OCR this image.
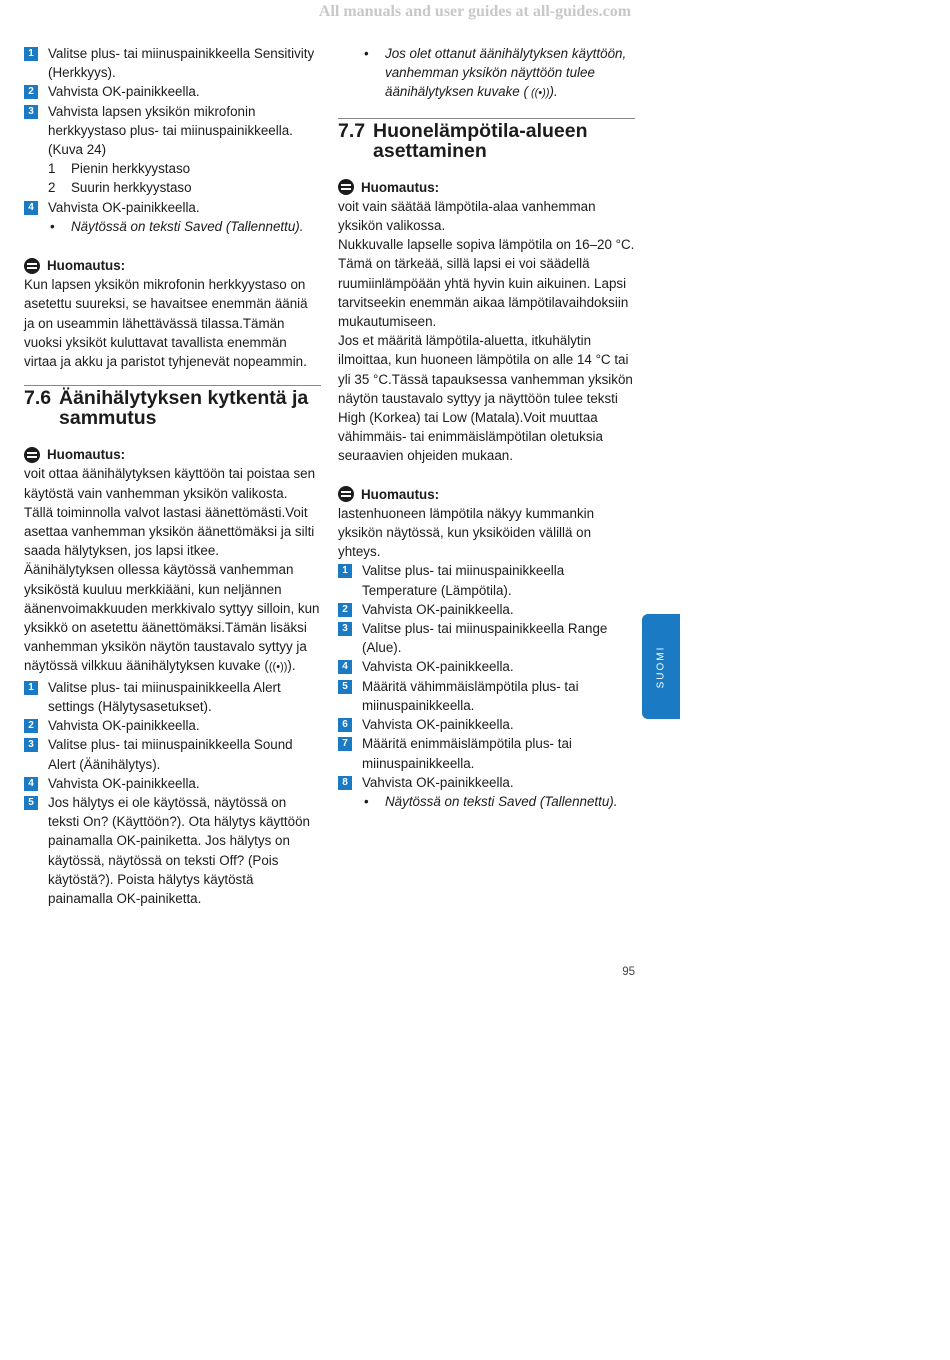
All manuals and user guides at all-guides.com
1	Valitse plus- tai miinuspainikkeella Sensitivity (Herkkyys).
2	Vahvista OK-painikkeella.
3	Vahvista lapsen yksikön mikrofonin herkkyystaso plus- tai miinuspainikkeella. (Kuva 24)
1 Pienin herkkyystaso
2 Suurin herkkyystaso
4	Vahvista OK-painikkeella.
• Näytössä on teksti Saved (Tallennettu).
Huomautus:
Kun lapsen yksikön mikrofonin herkkyystaso on asetettu suureksi, se havaitsee enemmän ääniä ja on useammin lähettävässä tilassa.Tämän vuoksi yksiköt kuluttavat tavallista enemmän virtaa ja akku ja paristot tyhjenevät nopeammin.
7.6 Äänihälytyksen kytkentä ja sammutus
Huomautus:
voit ottaa äänihälytyksen käyttöön tai poistaa sen käytöstä vain vanhemman yksikön valikosta.
Tällä toiminnolla valvot lastasi äänettömästi.Voit asettaa vanhemman yksikön äänettömäksi ja silti saada hälytyksen, jos lapsi itkee.
Äänihälytyksen ollessa käytössä vanhemman yksiköstä kuuluu merkkiääni, kun neljännen äänenvoimakkuuden merkkivalo syttyy silloin, kun yksikkö on asetettu äänettömäksi.Tämän lisäksi vanhemman yksikön näytön taustavalo syttyy ja näytössä vilkkuu äänihälytyksen kuvake (((•))).
1	Valitse plus- tai miinuspainikkeella Alert settings (Hälytysasetukset).
2	Vahvista OK-painikkeella.
3	Valitse plus- tai miinuspainikkeella Sound Alert (Äänihälytys).
4	Vahvista OK-painikkeella.
5	Jos hälytys ei ole käytössä, näytössä on teksti On? (Käyttöön?). Ota hälytys käyttöön painamalla OK-painiketta. Jos hälytys on käytössä, näytössä on teksti Off? (Pois käytöstä?). Poista hälytys käytöstä painamalla OK-painiketta.
• Jos olet ottanut äänihälytyksen käyttöön, vanhemman yksikön näyttöön tulee äänihälytyksen kuvake ( ((•))).
7.7 Huonelämpötila-alueen asettaminen
Huomautus:
voit vain säätää lämpötila-alaa vanhemman yksikön valikossa.
Nukkuvalle lapselle sopiva lämpötila on 16–20 °C. Tämä on tärkeää, sillä lapsi ei voi säädellä ruumiinlämpöään yhtä hyvin kuin aikuinen. Lapsi tarvitseekin enemmän aikaa lämpötilavaihdoksiin mukautumiseen.
Jos et määritä lämpötila-aluetta, itkuhälytin ilmoittaa, kun huoneen lämpötila on alle 14 °C tai yli 35 °C.Tässä tapauksessa vanhemman yksikön näytön taustavalo syttyy ja näyttöön tulee teksti High (Korkea) tai Low (Matala).Voit muuttaa vähimmäis- tai enimmäislämpötilan oletuksia seuraavien ohjeiden mukaan.
Huomautus:
lastenhuoneen lämpötila näkyy kummankin yksikön näytössä, kun yksiköiden välillä on yhteys.
1	Valitse plus- tai miinuspainikkeella Temperature (Lämpötila).
2	Vahvista OK-painikkeella.
3	Valitse plus- tai miinuspainikkeella Range (Alue).
4	Vahvista OK-painikkeella.
5	Määritä vähimmäislämpötila plus- tai miinuspainikkeella.
6	Vahvista OK-painikkeella.
7	Määritä enimmäislämpötila plus- tai miinuspainikkeella.
8	Vahvista OK-painikkeella.
• Näytössä on teksti Saved (Tallennettu).
SUOMI
95
